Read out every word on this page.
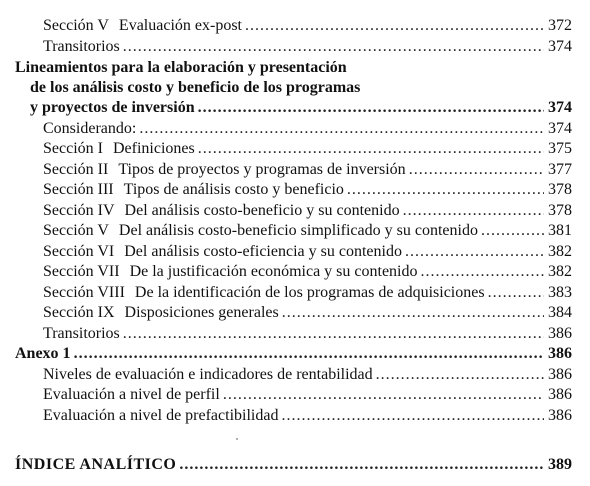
Sección V Evaluación ex-post .....	372
Transitorios .....	374
Lineamientos para la elaboración y presentación
de los análisis costo y beneficio de los programas
y proyectos de inversión .....	374
Considerando: .....	374
Sección I Definiciones .....	375
Sección II Tipos de proyectos y programas de inversión .....	377
Sección III Tipos de análisis costo y beneficio .....	378
Sección IV Del análisis costo-beneficio y su contenido .....	378
Sección V Del análisis costo-beneficio simplificado y su contenido .....	381
Sección VI Del análisis costo-eficiencia y su contenido .....	382
Sección VII De la justificación económica y su contenido .....	382
Sección VIII De la identificación de los programas de adquisiciones .....	383
Sección IX Disposiciones generales .....	384
Transitorios .....	386
Anexo 1 .....	386
Niveles de evaluación e indicadores de rentabilidad .....	386
Evaluación a nivel de perfil .....	386
Evaluación a nivel de prefactibilidad .....	386
ÍNDICE ANALÍTICO .....	389
